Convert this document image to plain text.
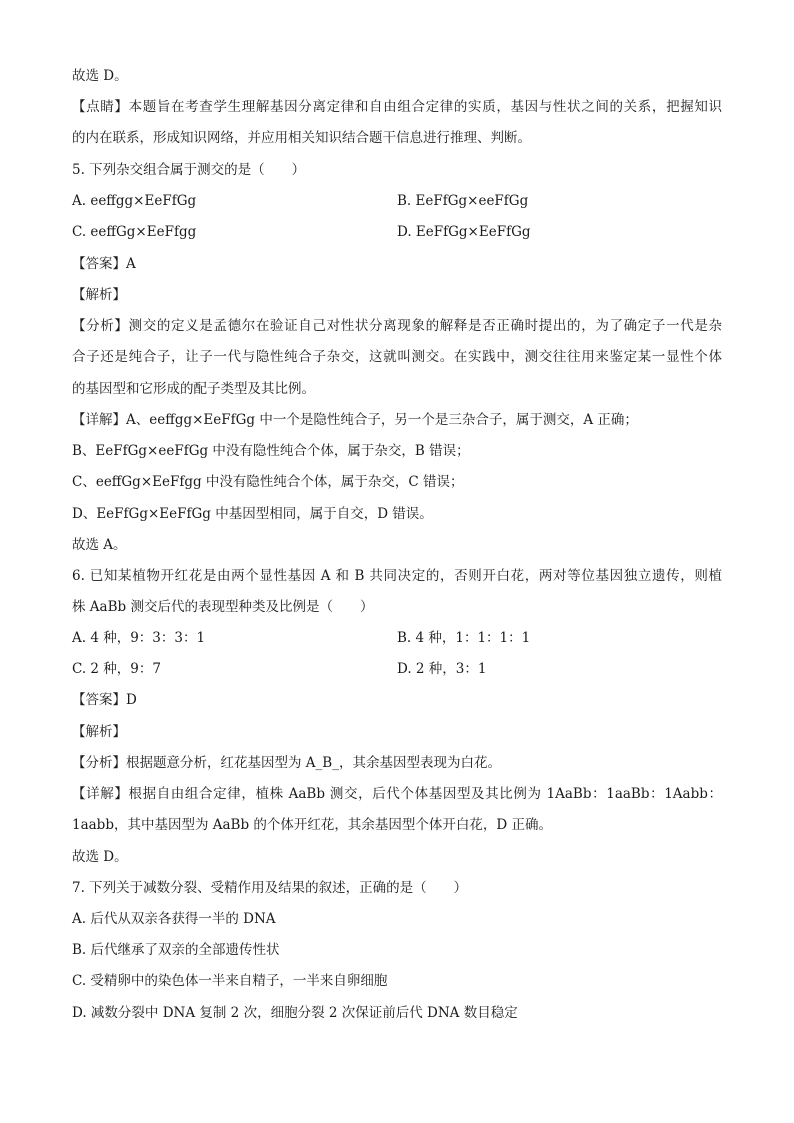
故选 D。
【点睛】本题旨在考查学生理解基因分离定律和自由组合定律的实质，基因与性状之间的关系，把握知识
的内在联系，形成知识网络，并应用相关知识结合题干信息进行推理、判断。
5. 下列杂交组合属于测交的是（　　）
A. eeffgg×EeFfGg	B. EeFfGg×eeFfGg
C. eeffGg×EeFfgg	D. EeFfGg×EeFfGg
【答案】A
【解析】
【分析】测交的定义是孟德尔在验证自己对性状分离现象的解释是否正确时提出的，为了确定子一代是杂
合子还是纯合子，让子一代与隐性纯合子杂交，这就叫测交。在实践中，测交往往用来鉴定某一显性个体
的基因型和它形成的配子类型及其比例。
【详解】A、eeffgg×EeFfGg 中一个是隐性纯合子，另一个是三杂合子，属于测交，A 正确；
B、EeFfGg×eeFfGg 中没有隐性纯合个体，属于杂交，B 错误；
C、eeffGg×EeFfgg 中没有隐性纯合个体，属于杂交，C 错误；
D、EeFfGg×EeFfGg 中基因型相同，属于自交，D 错误。
故选 A。
6. 已知某植物开红花是由两个显性基因 A 和 B 共同决定的，否则开白花，两对等位基因独立遗传，则植
株 AaBb 测交后代的表现型种类及比例是（　　）
A. 4 种，9：3：3：1	B. 4 种，1：1：1：1
C. 2 种，9：7	D. 2 种，3：1
【答案】D
【解析】
【分析】根据题意分析，红花基因型为 A_B_，其余基因型表现为白花。
【详解】根据自由组合定律，植株 AaBb 测交，后代个体基因型及其比例为 1AaBb：1aaBb：1Aabb：
1aabb，其中基因型为 AaBb 的个体开红花，其余基因型个体开白花，D 正确。
故选 D。
7. 下列关于减数分裂、受精作用及结果的叙述，正确的是（　　）
A. 后代从双亲各获得一半的 DNA
B. 后代继承了双亲的全部遗传性状
C. 受精卵中的染色体一半来自精子，一半来自卵细胞
D. 减数分裂中 DNA 复制 2 次，细胞分裂 2 次保证前后代 DNA 数目稳定
